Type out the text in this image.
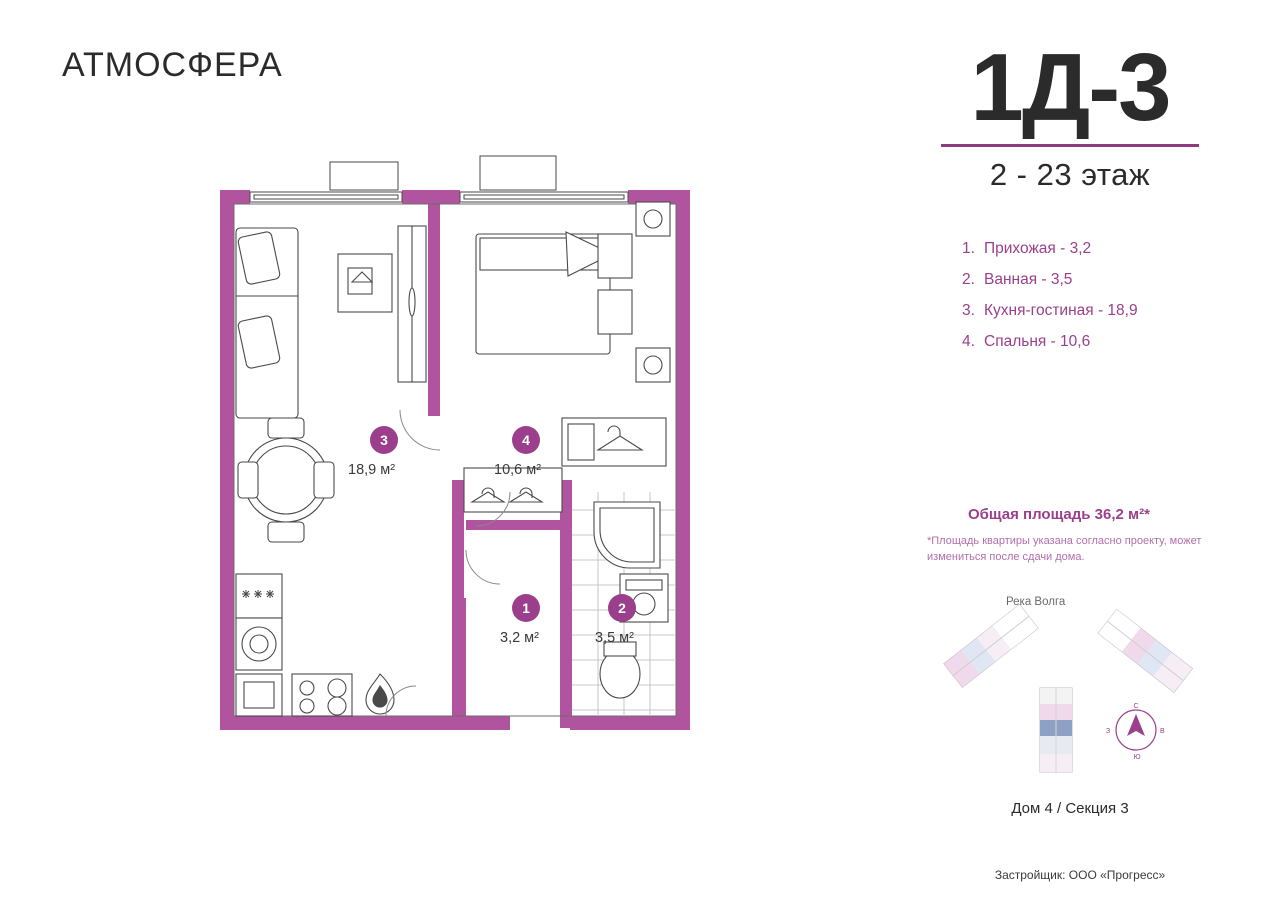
АТМОСФЕРА
3
18,9 м²
4
10,6 м²
1
3,2 м²
2
3,5 м²
1Д-3
2 - 23 этаж
1. Прихожая - 3,2
2. Ванная - 3,5
3. Кухня-гостиная - 18,9
4. Спальня - 10,6
Общая площадь 36,2 м²*
*Площадь квартиры указана согласно проекту, может измениться после сдачи дома.
Река Волга
С
Ю
В
З
Дом 4 / Секция 3
Застройщик: ООО «Прогресс»
